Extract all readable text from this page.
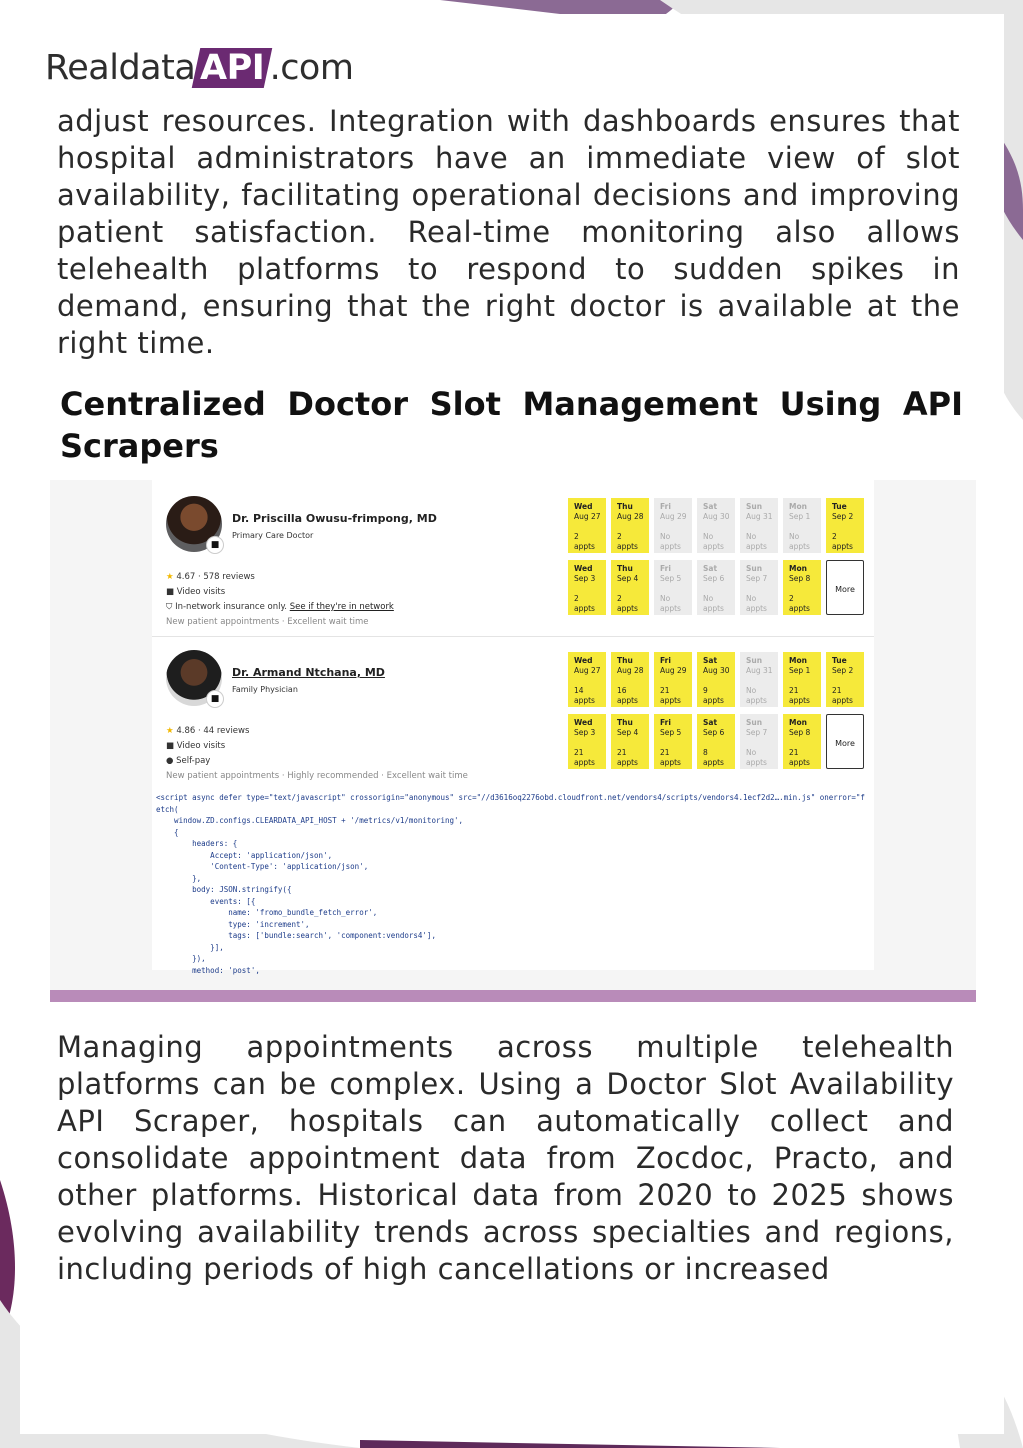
Realdata API .com

adjust resources. Integration with dashboards ensures that hospital administrators have an immediate view of slot availability, facilitating operational decisions and improving patient satisfaction. Real-time monitoring also allows telehealth platforms to respond to sudden spikes in demand, ensuring that the right doctor is available at the right time.

Centralized Doctor Slot Management Using API Scrapers
■
Dr. Priscilla Owusu-frimpong, MD
Primary Care Doctor
★ 4.67 · 578 reviews
■ Video visits
⛉ In-network insurance only. See if they're in network
New patient appointments · Excellent wait time
Wed
Aug 27

2
appts
Thu
Aug 28

2
appts
Fri
Aug 29

No
appts
Sat
Aug 30

No
appts
Sun
Aug 31

No
appts
Mon
Sep 1

No
appts
Tue
Sep 2

2
appts
Wed
Sep 3

2
appts
Thu
Sep 4

2
appts
Fri
Sep 5

No
appts
Sat
Sep 6

No
appts
Sun
Sep 7

No
appts
Mon
Sep 8

2
appts
More
■
Dr. Armand Ntchana, MD
Family Physician
★ 4.86 · 44 reviews
■ Video visits
● Self-pay
New patient appointments · Highly recommended · Excellent wait time
Wed
Aug 27

14
appts
Thu
Aug 28

16
appts
Fri
Aug 29

21
appts
Sat
Aug 30

9
appts
Sun
Aug 31

No
appts
Mon
Sep 1

21
appts
Tue
Sep 2

21
appts
Wed
Sep 3

21
appts
Thu
Sep 4

21
appts
Fri
Sep 5

21
appts
Sat
Sep 6

8
appts
Sun
Sep 7

No
appts
Mon
Sep 8

21
appts
More
<script async defer type="text/javascript" crossorigin="anonymous" src="//d3616oq2276obd.cloudfront.net/vendors4/scripts/vendors4.1ecf2d2….min.js" onerror="f
etch(
window.ZD.configs.CLEARDATA_API_HOST + '/metrics/v1/monitoring',
{
headers: {
Accept: 'application/json',
'Content-Type': 'application/json',
},
body: JSON.stringify({
events: [{
name: 'fromo_bundle_fetch_error',
type: 'increment',
tags: ['bundle:search', 'component:vendors4'],
}],
}),
method: 'post',

Managing appointments across multiple telehealth platforms can be complex. Using a Doctor Slot Availability API Scraper, hospitals can automatically collect and consolidate appointment data from Zocdoc, Practo, and other platforms. Historical data from 2020 to 2025 shows evolving availability trends across specialties and regions, including periods of high cancellations or increased
